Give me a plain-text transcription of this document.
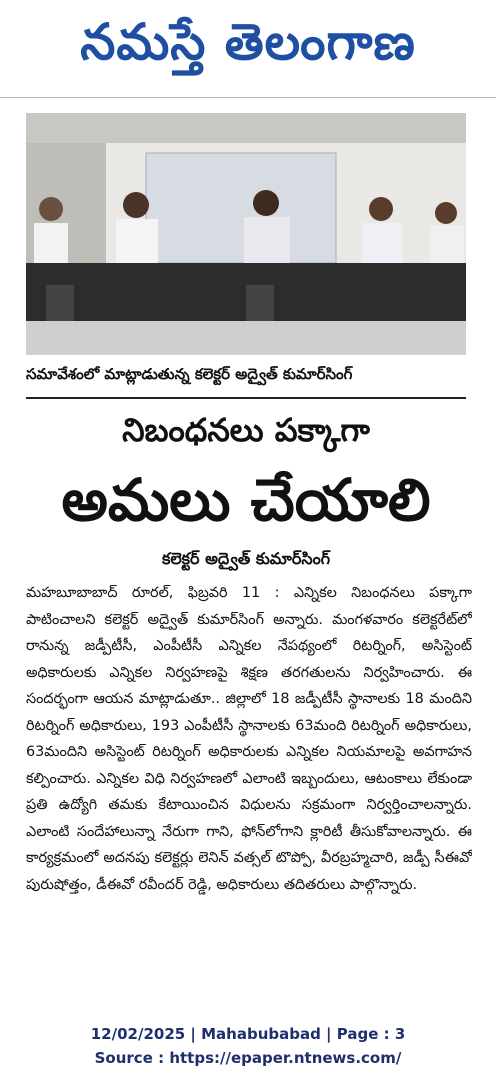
నమస్తే తెలంగాణ
సమావేశంలో మాట్లాడుతున్న కలెక్టర్ అద్వైత్ కుమార్‌సింగ్
నిబంధనలు పక్కాగా
అమలు చేయాలి
కలెక్టర్ అద్వైత్ కుమార్‌సింగ్
మహబూబాబాద్ రూరల్, ఫిబ్రవరి 11 : ఎన్నికల నిబంధనలు పక్కాగా పాటించాలని కలెక్టర్ అద్వైత్ కుమార్‌సింగ్ అన్నారు. మంగళవారం కలెక్టరేట్‌లో రానున్న జడ్పీటీసీ, ఎంపీటీసీ ఎన్నికల నేపథ్యంలో రిటర్నింగ్, అసిస్టెంట్ అధికారులకు ఎన్నికల నిర్వహణపై శిక్షణ తరగతులను నిర్వహించారు. ఈ సందర్భంగా ఆయన మాట్లాడుతూ.. జిల్లాలో 18 జడ్పీటీసీ స్థానాలకు 18 మందిని రిటర్నింగ్ అధికారులు, 193 ఎంపీటీసీ స్థానాలకు 63మంది రిటర్నింగ్ అధికారులు, 63మందిని అసిస్టెంట్ రిటర్నింగ్ అధికారులకు ఎన్నికల నియమాలపై అవగాహన కల్పించారు. ఎన్నికల విధి నిర్వహణలో ఎలాంటి ఇబ్బందులు, ఆటంకాలు లేకుండా ప్రతి ఉద్యోగి తమకు కేటాయించిన విధులను సక్రమంగా నిర్వర్తించాలన్నారు. ఎలాంటి సందేహాలున్నా నేరుగా గాని, ఫోన్‌లోగాని క్లారిటీ తీసుకోవాలన్నారు. ఈ కార్యక్రమంలో అదనపు కలెక్టర్లు లెనిన్ వత్సల్ టొప్పో, వీరబ్రహ్మచారి, జడ్పీ సీఈవో పురుషోత్తం, డీఈవో రవీందర్ రెడ్డి, అధికారులు తదితరులు పాల్గొన్నారు.
12/02/2025 | Mahabubabad | Page : 3
Source : https://epaper.ntnews.com/
